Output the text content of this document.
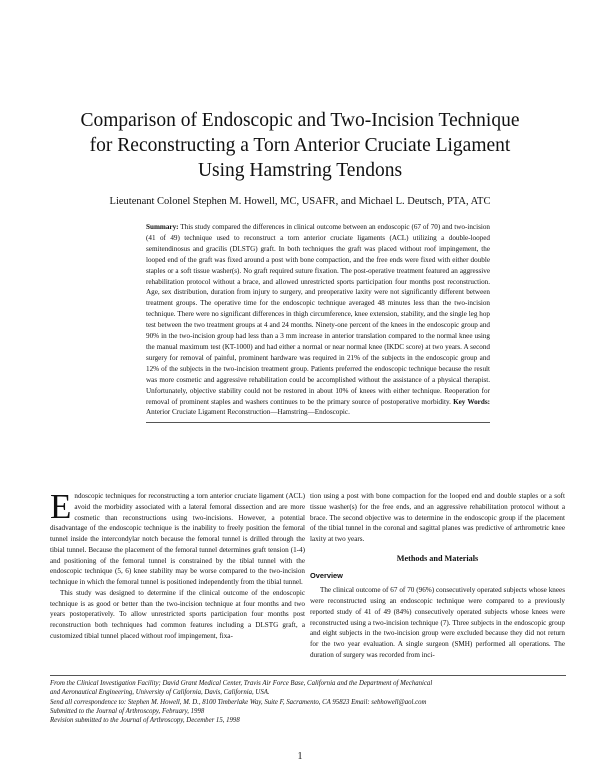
Comparison of Endoscopic and Two-Incision Technique
for Reconstructing a Torn Anterior Cruciate Ligament
Using Hamstring Tendons
Lieutenant Colonel Stephen M. Howell, MC, USAFR, and Michael L. Deutsch, PTA, ATC
Summary: This study compared the differences in clinical outcome between an endoscopic (67 of 70) and two-incision (41 of 49) technique used to reconstruct a torn anterior cruciate ligaments (ACL) utilizing a double-looped semitendinosus and gracilis (DLSTG) graft. In both techniques the graft was placed without roof impingement, the looped end of the graft was fixed around a post with bone compaction, and the free ends were fixed with either double staples or a soft tissue washer(s). No graft required suture fixation. The post-operative treatment featured an aggressive rehabilitation protocol without a brace, and allowed unrestricted sports participation four months post reconstruction. Age, sex distribution, duration from injury to surgery, and preoperative laxity were not significantly different between treatment groups. The operative time for the endoscopic technique averaged 48 minutes less than the two-incision technique. There were no significant differences in thigh circumference, knee extension, stability, and the single leg hop test between the two treatment groups at 4 and 24 months. Ninety-one percent of the knees in the endoscopic group and 90% in the two-incision group had less than a 3 mm increase in anterior translation compared to the normal knee using the manual maximum test (KT-1000) and had either a normal or near normal knee (IKDC score) at two years. A second surgery for removal of painful, prominent hardware was required in 21% of the subjects in the endoscopic group and 12% of the subjects in the two-incision treatment group. Patients preferred the endoscopic technique because the result was more cosmetic and aggressive rehabilitation could be accomplished without the assistance of a physical therapist. Unfortunately, objective stability could not be restored in about 10% of knees with either technique. Reoperation for removal of prominent staples and washers continues to be the primary source of postoperative morbidity. Key Words: Anterior Cruciate Ligament Reconstruction—Hamstring—Endoscopic.

Endoscopic techniques for reconstructing a torn anterior cruciate ligament (ACL) avoid the morbidity associated with a lateral femoral dissection and are more cosmetic than reconstructions using two-incisions. However, a potential disadvantage of the endoscopic technique is the inability to freely position the femoral tunnel inside the intercondylar notch because the femoral tunnel is drilled through the tibial tunnel. Because the placement of the femoral tunnel determines graft tension (1-4) and positioning of the femoral tunnel is constrained by the tibial tunnel with the endoscopic technique (5, 6) knee stability may be worse compared to the two-incision technique in which the femoral tunnel is positioned independently from the tibial tunnel.

This study was designed to determine if the clinical outcome of the endoscopic technique is as good or better than the two-incision technique at four months and two years postoperatively. To allow unrestricted sports participation four months post reconstruction both techniques had common features including a DLSTG graft, a customized tibial tunnel placed without roof impingement, fixa-

tion using a post with bone compaction for the looped end and double staples or a soft tissue washer(s) for the free ends, and an aggressive rehabilitation protocol without a brace. The second objective was to determine in the endoscopic group if the placement of the tibial tunnel in the coronal and sagittal planes was predictive of arthrometric knee laxity at two years.

Methods and Materials
Overview

The clinical outcome of 67 of 70 (96%) consecutively operated subjects whose knees were reconstructed using an endoscopic technique were compared to a previously reported study of 41 of 49 (84%) consecutively operated subjects whose knees were reconstructed using a two-incision technique (7). Three subjects in the endoscopic group and eight subjects in the two-incision group were excluded because they did not return for the two year evaluation. A single surgeon (SMH) performed all operations. The duration of surgery was recorded from inci-

From the Clinical Investigation Facility; David Grant Medical Center, Travis Air Force Base, California and the Department of Mechanical
and Aeronautical Engineering, University of California, Davis, California, USA.
Send all correspondence to: Stephen M. Howell, M. D., 8100 Timberlake Way, Suite F, Sacramento, CA 95823 Email: sebhowell@aol.com
Submitted to the Journal of Arthroscopy, February, 1998
Revision submitted to the Journal of Arthroscopy, December 15, 1998
1
